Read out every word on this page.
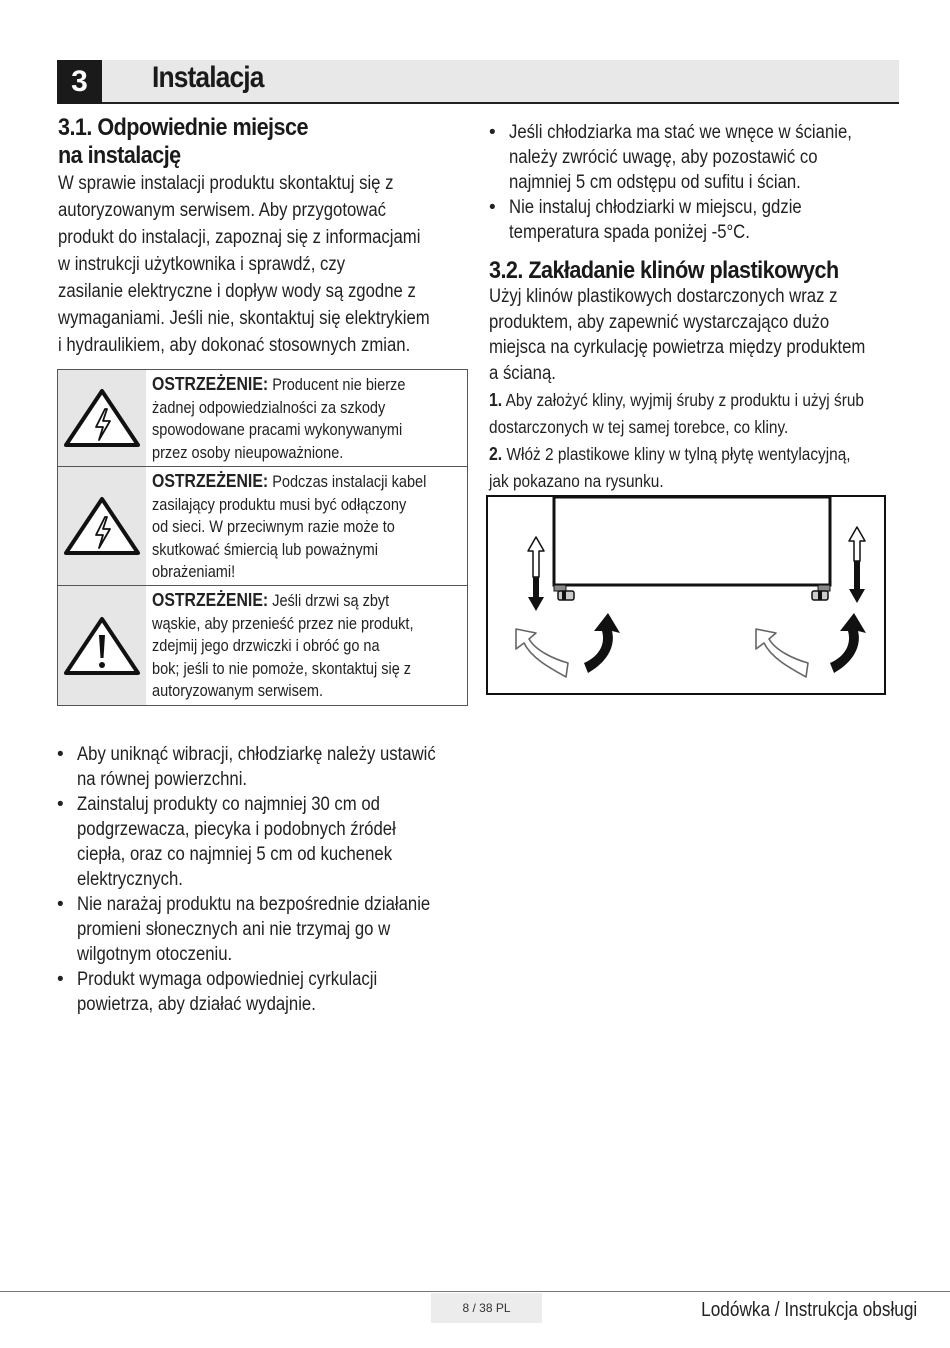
3	Instalacja
3.1. Odpowiednie miejsce
na instalację
W sprawie instalacji produktu skontaktuj się z
autoryzowanym serwisem. Aby przygotować
produkt do instalacji, zapoznaj się z informacjami
w instrukcji użytkownika i sprawdź, czy
zasilanie elektryczne i dopływ wody są zgodne z
wymaganiami. Jeśli nie, skontaktuj się elektrykiem
i hydraulikiem, aby dokonać stosownych zmian.
OSTRZEŻENIE: Producent nie bierze
żadnej odpowiedzialności za szkody
spowodowane pracami wykonywanymi
przez osoby nieupoważnione.
OSTRZEŻENIE: Podczas instalacji kabel
zasilający produktu musi być odłączony
od sieci. W przeciwnym razie może to
skutkować śmiercią lub poważnymi
obrażeniami!
OSTRZEŻENIE: Jeśli drzwi są zbyt
wąskie, aby przenieść przez nie produkt,
zdejmij jego drzwiczki i obróć go na
bok; jeśli to nie pomoże, skontaktuj się z
autoryzowanym serwisem.
• Aby uniknąć wibracji, chłodziarkę należy ustawić
na równej powierzchni.
• Zainstaluj produkty co najmniej 30 cm od
podgrzewacza, piecyka i podobnych źródeł
ciepła, oraz co najmniej 5 cm od kuchenek
elektrycznych.
• Nie narażaj produktu na bezpośrednie działanie
promieni słonecznych ani nie trzymaj go w
wilgotnym otoczeniu.
• Produkt wymaga odpowiedniej cyrkulacji
powietrza, aby działać wydajnie.
• Jeśli chłodziarka ma stać we wnęce w ścianie,
należy zwrócić uwagę, aby pozostawić co
najmniej 5 cm odstępu od sufitu i ścian.
• Nie instaluj chłodziarki w miejscu, gdzie
temperatura spada poniżej -5°C.
3.2. Zakładanie klinów plastikowych
Użyj klinów plastikowych dostarczonych wraz z
produktem, aby zapewnić wystarczająco dużo
miejsca na cyrkulację powietrza między produktem
a ścianą.
1. Aby założyć kliny, wyjmij śruby z produktu i użyj śrub
dostarczonych w tej samej torebce, co kliny.
2. Włóż 2 plastikowe kliny w tylną płytę wentylacyjną,
jak pokazano na rysunku.
8 / 38 PL	Lodówka / Instrukcja obsługi
